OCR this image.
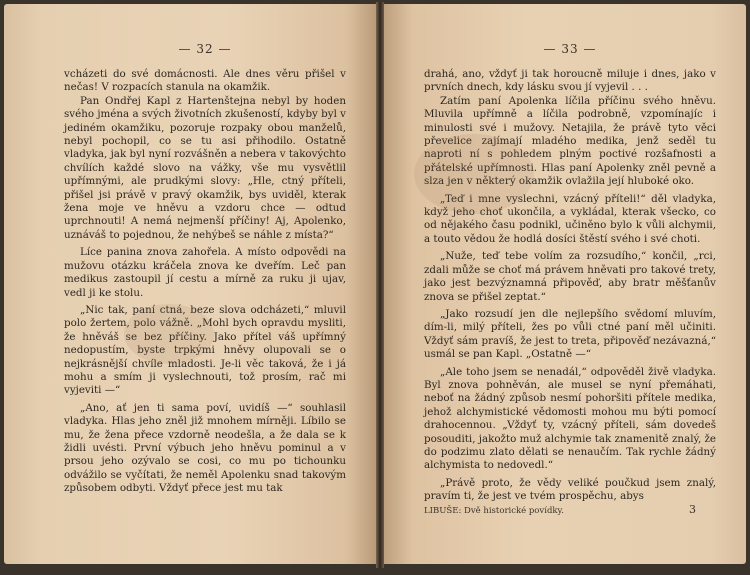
— 32 —

vcházeti do své domácnosti. Ale dnes věru přišel v nečas! V rozpacích stanula na okamžik.

Pan Ondřej Kapl z Hartenštejna nebyl by hoden svého jména a svých životních zkušeností, kdyby byl v jediném okamžiku, pozoruje rozpaky obou manželů, nebyl pochopil, co se tu asi přihodilo. Ostatně vladyka, jak byl nyní rozvášněn a nebera v takovýchto chvílích každé slovo na vážky, vše mu vysvětlil upřímnými, ale prudkými slovy: „Hle, ctný příteli, přišel jsi právě v pravý okamžik, bys uviděl, kterak žena moje ve hněvu a vzdoru chce — odtud uprchnouti! A nemá nejmenší příčiny! Aj, Apolenko, uznáváš to pojednou, že nehýbeš se náhle z místa?“

Líce panina znova zahořela. A místo odpovědi na mužovu otázku kráčela znova ke dveřím. Leč pan medikus zastoupil jí cestu a mírně za ruku ji ujav, vedl ji ke stolu.

„Nic tak, paní ctná, beze slova odcházeti,“ mluvil polo žertem, polo vážně. „Mohl bych opravdu mysliti, že hněváš se bez příčiny. Jako přítel váš upřímný nedopustím, byste trpkými hněvy olupovali se o nejkrásnější chvíle mladosti. Je-li věc taková, že i já mohu a smím ji vyslechnouti, tož prosím, rač mi vyjeviti —“

„Ano, ať jen ti sama poví, uvidíš —“ souhlasil vladyka. Hlas jeho zněl již mnohem mírněji. Líbilo se mu, že žena přece vzdorně neodešla, a že dala se k židli uvésti. První výbuch jeho hněvu pominul a v prsou jeho ozývalo se cosi, co mu po tichounku odvážilo se vyčítati, že neměl Apolenku snad takovým způsobem odbyti. Vždyť přece jest mu tak

— 33 —

drahá, ano, vždyť ji tak horoucně miluje i dnes, jako v prvních dnech, kdy lásku svou jí vyjevil . . .

Zatím paní Apolenka líčila příčinu svého hněvu. Mluvila upřímně a líčila podrobně, vzpomínajíc i minulosti své i mužovy. Netajila, že právě tyto věci převelice zajímají mladého medika, jenž seděl tu naproti ní s pohledem plným poctivé rozšafnosti a přátelské upřímnosti. Hlas paní Apolenky zněl pevně a slza jen v některý okamžik ovlažila její hluboké oko.

„Teď i mne vyslechni, vzácný příteli!“ děl vladyka, když jeho choť ukončila, a vykládal, kterak všecko, co od nějakého času podnikl, učiněno bylo k vůli alchymii, a touto vědou že hodlá dosíci štěstí svého i své choti.

„Nuže, teď tebe volím za rozsudího,“ končil, „rci, zdali může se choť má právem hněvati pro takové trety, jako jest bezvýznamná připověď, aby bratr měšťanův znova se přišel zeptat.“

„Jako rozsudí jen dle nejlepšího svědomí mluvím, dím-li, milý příteli, žes po vůli ctné paní měl učiniti. Vždyť sám pravíš, že jest to treta, připověď nezávazná,“ usmál se pan Kapl. „Ostatně —“

„Ale toho jsem se nenadál,“ odpověděl živě vladyka. Byl znova pohněván, ale musel se nyní přemáhati, neboť na žádný způsob nesmí pohoršiti přítele medika, jehož alchymistické vědomosti mohou mu býti pomocí drahocennou. „Vždyť ty, vzácný příteli, sám dovedeš posouditi, jakožto muž alchymie tak znamenitě znalý, že do podzimu zlato dělati se nenaučím. Tak rychle žádný alchymista to nedovedl.“

„Právě proto, že vědy veliké poučkud jsem znalý, pravím ti, že jest ve tvém prospěchu, abys

LIBUŠE: Dvě historické povídky.	3
